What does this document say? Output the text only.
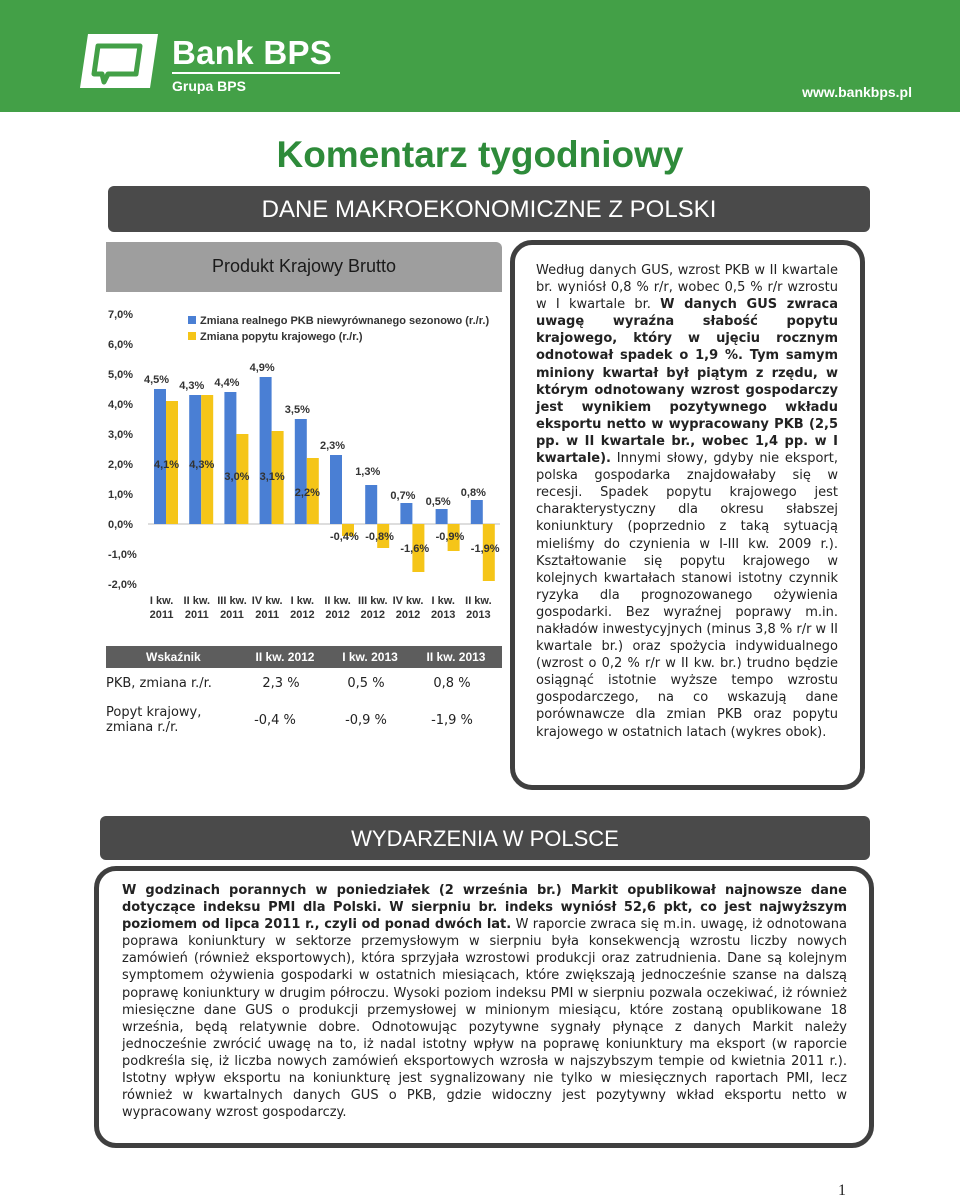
Bank BPS
Grupa BPS	www.bankbps.pl
Komentarz tygodniowy
DANE MAKROEKONOMICZNE Z POLSKI
Produkt Krajowy Brutto
7,0%
6,0%
5,0%
4,0%
3,0%
2,0%
1,0%
0,0%
-1,0%
-2,0%
4,5% 4,3% 4,4%
4,9%
3,5%
2,3%
1,3%
0,7% 0,5%
0,8%
4,1% 4,3%
3,0% 3,1%
2,2%
-0,4% -0,8%
-1,6%
-0,9%
-1,9%
Zmiana realnego PKB niewyrównanego sezonowo (r./r.)
Zmiana popytu krajowego (r./r.)
I kw.
2011
II kw.
2011
III kw.
2011
IV kw.
2011
I kw.
2012
II kw.
2012
III kw.
2012
IV kw.
2012
I kw.
2013
II kw.
2013
Wskaźnik	II kw. 2012	I kw. 2013	II kw. 2013
PKB, zmiana r./r.	2,3 %	0,5 %	0,8 %
Popyt krajowy, zmiana r./r.	-0,4 %	-0,9 %	-1,9 %
Według danych GUS, wzrost PKB w II kwartale br. wyniósł 0,8 % r/r, wobec 0,5 % r/r wzrostu w I kwartale br. W danych GUS zwraca uwagę wyraźna słabość popytu krajowego, który w ujęciu rocznym odnotował spadek o 1,9 %. Tym samym miniony kwartał był piątym z rzędu, w którym odnotowany wzrost gospodarczy jest wynikiem pozytywnego wkładu eksportu netto w wypracowany PKB (2,5 pp. w II kwartale br., wobec 1,4 pp. w I kwartale). Innymi słowy, gdyby nie eksport, polska gospodarka znajdowałaby się w recesji. Spadek popytu krajowego jest charakterystyczny dla okresu słabszej koniunktury (poprzednio z taką sytuacją mieliśmy do czynienia w I-III kw. 2009 r.). Kształtowanie się popytu krajowego w kolejnych kwartałach stanowi istotny czynnik ryzyka dla prognozowanego ożywienia gospodarki. Bez wyraźnej poprawy m.in. nakładów inwestycyjnych (minus 3,8 % r/r w II kwartale br.) oraz spożycia indywidualnego (wzrost o 0,2 % r/r w II kw. br.) trudno będzie osiągnąć istotnie wyższe tempo wzrostu gospodarczego, na co wskazują dane porównawcze dla zmian PKB oraz popytu krajowego w ostatnich latach (wykres obok).
WYDARZENIA W POLSCE
W godzinach porannych w poniedziałek (2 września br.) Markit opublikował najnowsze dane dotyczące indeksu PMI dla Polski. W sierpniu br. indeks wyniósł 52,6 pkt, co jest najwyższym poziomem od lipca 2011 r., czyli od ponad dwóch lat. W raporcie zwraca się m.in. uwagę, iż odnotowana poprawa koniunktury w sektorze przemysłowym w sierpniu była konsekwencją wzrostu liczby nowych zamówień (również eksportowych), która sprzyjała wzrostowi produkcji oraz zatrudnienia. Dane są kolejnym symptomem ożywienia gospodarki w ostatnich miesiącach, które zwiększają jednocześnie szanse na dalszą poprawę koniunktury w drugim półroczu. Wysoki poziom indeksu PMI w sierpniu pozwala oczekiwać, iż również miesięczne dane GUS o produkcji przemysłowej w minionym miesiącu, które zostaną opublikowane 18 września, będą relatywnie dobre. Odnotowując pozytywne sygnały płynące z danych Markit należy jednocześnie zwrócić uwagę na to, iż nadal istotny wpływ na poprawę koniunktury ma eksport (w raporcie podkreśla się, iż liczba nowych zamówień eksportowych wzrosła w najszybszym tempie od kwietnia 2011 r.). Istotny wpływ eksportu na koniunkturę jest sygnalizowany nie tylko w miesięcznych raportach PMI, lecz również w kwartalnych danych GUS o PKB, gdzie widoczny jest pozytywny wkład eksportu netto w wypracowany wzrost gospodarczy.
1
